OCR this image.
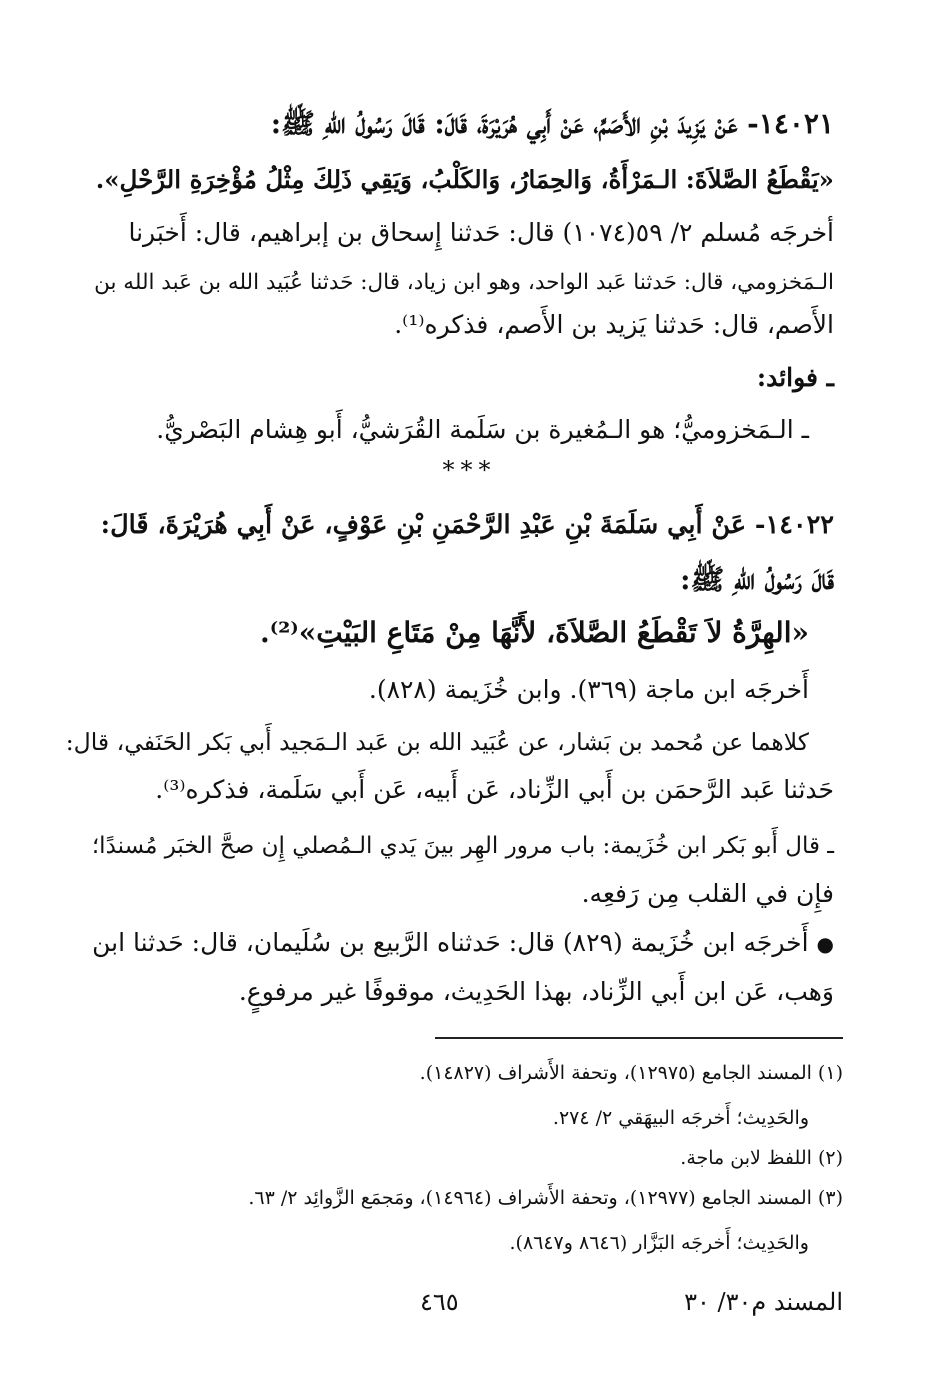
١٤٠٢١- عَنْ يَزِيدَ بْنِ الأَصَمِّ، عَنْ أَبِي هُرَيْرَةَ، قَالَ: قَالَ رَسُولُ اللهِ ﷺ:
«يَقْطَعُ الصَّلاَةَ: الـمَرْأَةُ، وَالحِمَارُ، وَالكَلْبُ، وَيَقِي ذَلِكَ مِثْلُ مُؤْخِرَةِ الرَّحْلِ».
أخرجَه مُسلم ٢/ ٥٩(١٠٧٤) قال: حَدثنا إِسحاق بن إبراهيم، قال: أَخبَرنا
الـمَخزومي، قال: حَدثنا عَبد الواحد، وهو ابن زياد، قال: حَدثنا عُبَيد الله بن عَبد الله بن
الأَصم، قال: حَدثنا يَزيد بن الأَصم، فذكره⁽¹⁾.
ـ فوائد:
ـ الـمَخزوميُّ؛ هو الـمُغيرة بن سَلَمة القُرَشيُّ، أَبو هِشام البَصْريُّ.
***
١٤٠٢٢- عَنْ أَبِي سَلَمَةَ بْنِ عَبْدِ الرَّحْمَنِ بْنِ عَوْفٍ، عَنْ أَبِي هُرَيْرَةَ، قَالَ:
قَالَ رَسُولُ اللهِ ﷺ:
«الهِرَّةُ لاَ تَقْطَعُ الصَّلاَةَ، لأَنَّهَا مِنْ مَتَاعِ البَيْتِ»⁽²⁾.
أَخرجَه ابن ماجة (٣٦٩). وابن خُزَيمة (٨٢٨).
كلاهما عن مُحمد بن بَشار، عن عُبَيد الله بن عَبد الـمَجيد أَبي بَكر الحَنَفي، قال:
حَدثنا عَبد الرَّحمَن بن أَبي الزِّناد، عَن أَبيه، عَن أَبي سَلَمة، فذكره⁽³⁾.
ـ قال أَبو بَكر ابن خُزَيمة: باب مرور الهِر بينَ يَدي الـمُصلي إِن صحَّ الخبَر مُسندًا؛
فإِن في القلب مِن رَفعِه.
● أَخرجَه ابن خُزَيمة (٨٢٩) قال: حَدثناه الرَّبيع بن سُلَيمان، قال: حَدثنا ابن
وَهب، عَن ابن أَبي الزِّناد، بهذا الحَدِيث، موقوفًا غير مرفوعٍ.
(١) المسند الجامع (١٢٩٧٥)، وتحفة الأَشراف (١٤٨٢٧).
والحَدِيث؛ أَخرجَه البيهَقي ٢/ ٢٧٤.
(٢) اللفظ لابن ماجة.
(٣) المسند الجامع (١٢٩٧٧)، وتحفة الأَشراف (١٤٩٦٤)، ومَجمَع الزَّوائِد ٢/ ٦٣.
والحَدِيث؛ أَخرجَه البَزَّار (٨٦٤٦ و٨٦٤٧).
المسند م٣٠/ ٣٠
٤٦٥
